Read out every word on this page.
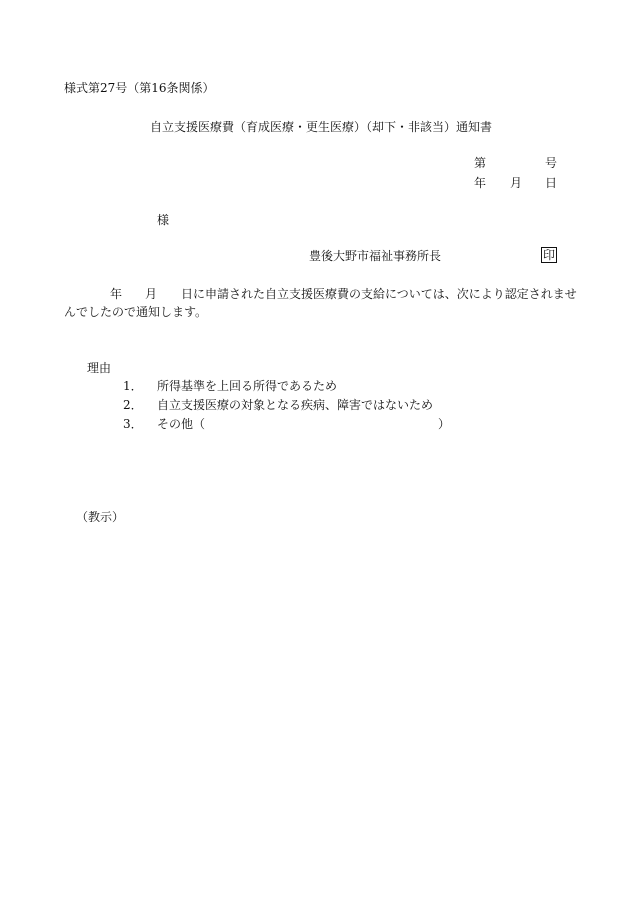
様式第27号（第16条関係）
自立支援医療費（育成医療・更生医療）（却下・非該当）通知書
第	号
年 月 日
様
豊後大野市福祉事務所長	印
年 月 日に申請された自立支援医療費の支給については、次により認定されませ
んでしたので通知します。
理由
1． 所得基準を上回る所得であるため
2． 自立支援医療の対象となる疾病、障害ではないため
3． その他（	）
（教示）
